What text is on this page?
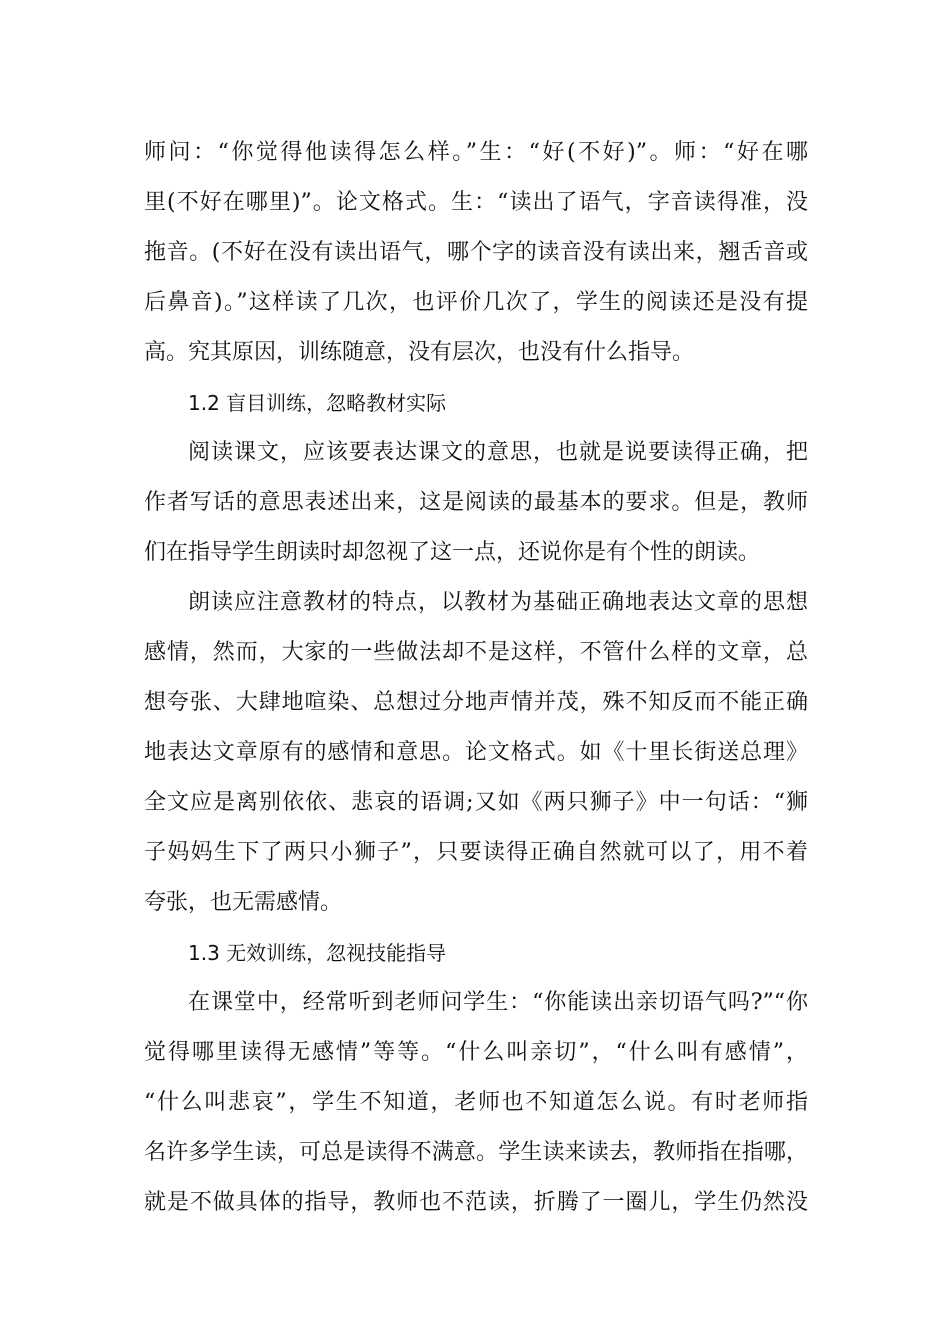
师问：“你觉得他读得怎么样。”生：“好(不好)”。师：“好在哪
里(不好在哪里)”。论文格式。生：“读出了语气，字音读得准，没
拖音。(不好在没有读出语气，哪个字的读音没有读出来，翘舌音或
后鼻音)。”这样读了几次，也评价几次了，学生的阅读还是没有提
高。究其原因，训练随意，没有层次，也没有什么指导。
1.2 盲目训练，忽略教材实际
阅读课文，应该要表达课文的意思，也就是说要读得正确，把
作者写话的意思表述出来，这是阅读的最基本的要求。但是，教师
们在指导学生朗读时却忽视了这一点，还说你是有个性的朗读。
朗读应注意教材的特点，以教材为基础正确地表达文章的思想
感情，然而，大家的一些做法却不是这样，不管什么样的文章，总
想夸张、大肆地喧染、总想过分地声情并茂，殊不知反而不能正确
地表达文章原有的感情和意思。论文格式。如《十里长街送总理》
全文应是离别依依、悲哀的语调;又如《两只狮子》中一句话：“狮
子妈妈生下了两只小狮子”，只要读得正确自然就可以了，用不着
夸张，也无需感情。
1.3 无效训练，忽视技能指导
在课堂中，经常听到老师问学生：“你能读出亲切语气吗?”“你
觉得哪里读得无感情”等等。“什么叫亲切”，“什么叫有感情”，
“什么叫悲哀”，学生不知道，老师也不知道怎么说。有时老师指
名许多学生读，可总是读得不满意。学生读来读去，教师指在指哪，
就是不做具体的指导，教师也不范读，折腾了一圈儿，学生仍然没
